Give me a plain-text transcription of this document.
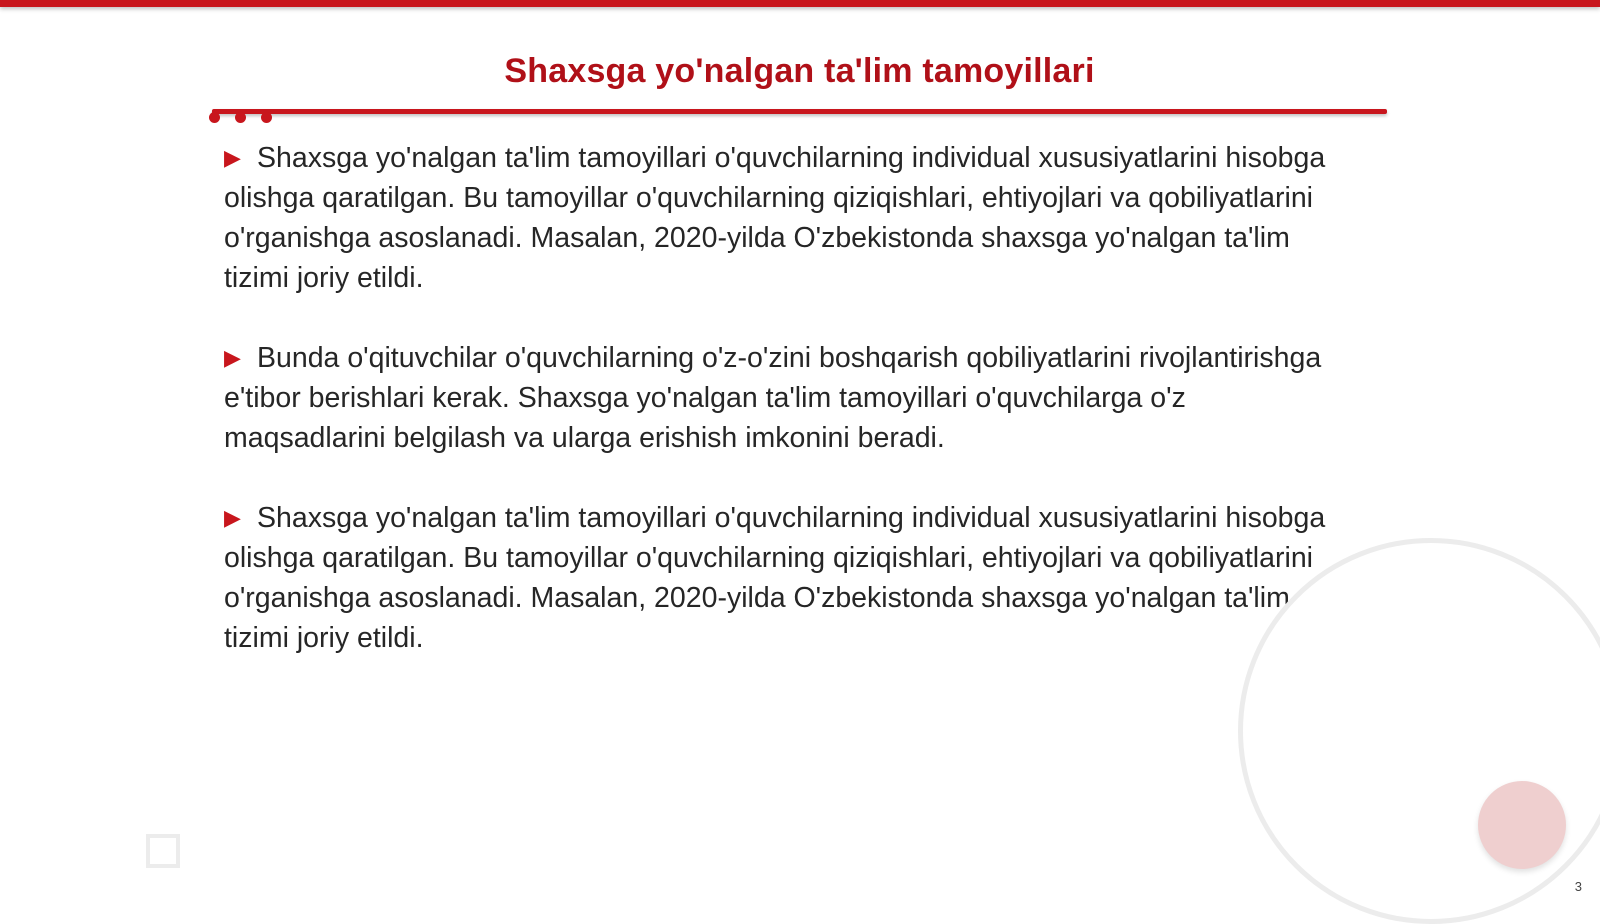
Shaxsga yo'nalgan ta'lim tamoyillari

▶ Shaxsga yo'nalgan ta'lim tamoyillari o'quvchilarning individual xususiyatlarini hisobga olishga qaratilgan. Bu tamoyillar o'quvchilarning qiziqishlari, ehtiyojlari va qobiliyatlarini o'rganishga asoslanadi. Masalan, 2020-yilda O'zbekistonda shaxsga yo'nalgan ta'lim tizimi joriy etildi.

▶ Bunda o'qituvchilar o'quvchilarning o'z-o'zini boshqarish qobiliyatlarini rivojlantirishga e'tibor berishlari kerak. Shaxsga yo'nalgan ta'lim tamoyillari o'quvchilarga o'z maqsadlarini belgilash va ularga erishish imkonini beradi.

▶ Shaxsga yo'nalgan ta'lim tamoyillari o'quvchilarning individual xususiyatlarini hisobga olishga qaratilgan. Bu tamoyillar o'quvchilarning qiziqishlari, ehtiyojlari va qobiliyatlarini o'rganishga asoslanadi. Masalan, 2020-yilda O'zbekistonda shaxsga yo'nalgan ta'lim tizimi joriy etildi.

3
